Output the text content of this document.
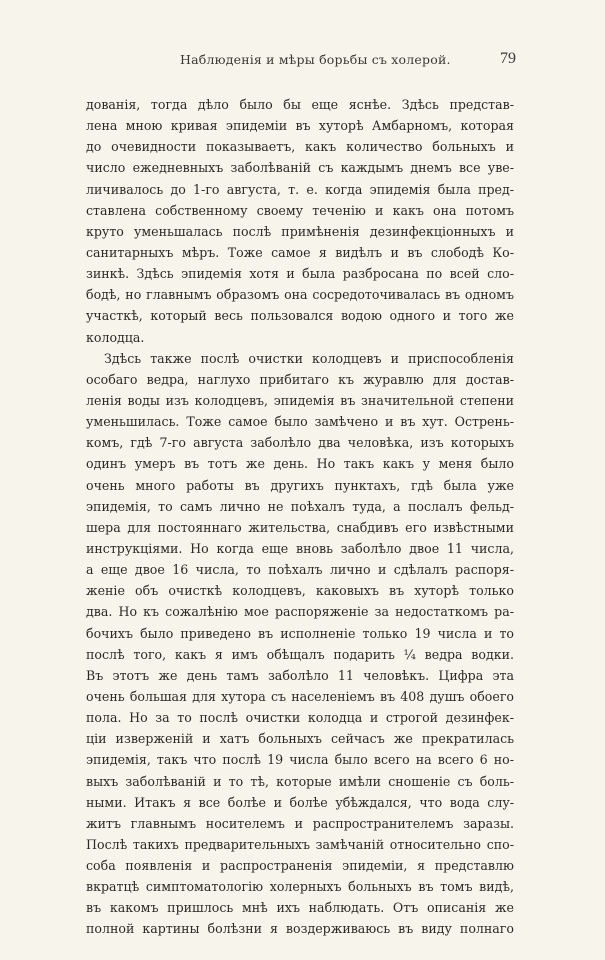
Наблюденія и мѣры борьбы съ холерой.	79
дованія, тогда дѣло было бы еще яснѣе. Здѣсь представ-
лена мною кривая эпидеміи въ хуторѣ Амбарномъ, которая
до очевидности показываетъ, какъ количество больныхъ и
число ежедневныхъ заболѣваній съ каждымъ днемъ все уве-
личивалось до 1-го августа, т. е. когда эпидемія была пред-
ставлена собственному своему теченію и какъ она потомъ
круто уменьшалась послѣ примѣненія дезинфекціонныхъ и
санитарныхъ мѣръ. Тоже самое я видѣлъ и въ слободѣ Ко-
зинкѣ. Здѣсь эпидемія хотя и была разбросана по всей сло-
бодѣ, но главнымъ образомъ она сосредоточивалась въ одномъ
участкѣ, который весь пользовался водою одного и того же
колодца.
Здѣсь также послѣ очистки колодцевъ и приспособленія
особаго ведра, наглухо прибитаго къ журавлю для достав-
ленія воды изъ колодцевъ, эпидемія въ значительной степени
уменьшилась. Тоже самое было замѣчено и въ хут. Острень-
комъ, гдѣ 7-го августа заболѣло два человѣка, изъ которыхъ
одинъ умеръ въ тотъ же день. Но такъ какъ у меня было
очень много работы въ другихъ пунктахъ, гдѣ была уже
эпидемія, то самъ лично не поѣхалъ туда, а послалъ фельд-
шера для постояннаго жительства, снабдивъ его извѣстными
инструкціями. Но когда еще вновь заболѣло двое 11 числа,
а еще двое 16 числа, то поѣхалъ лично и сдѣлалъ распоря-
женіе объ очисткѣ колодцевъ, каковыхъ въ хуторѣ только
два. Но къ сожалѣнію мое распоряженіе за недостаткомъ ра-
бочихъ было приведено въ исполненіе только 19 числа и то
послѣ того, какъ я имъ обѣщалъ подарить ¼ ведра водки.
Въ этотъ же день тамъ заболѣло 11 человѣкъ. Цифра эта
очень большая для хутора съ населеніемъ въ 408 душъ обоего
пола. Но за то послѣ очистки колодца и строгой дезинфек-
ціи изверженій и хатъ больныхъ сейчасъ же прекратилась
эпидемія, такъ что послѣ 19 числа было всего на всего 6 но-
выхъ заболѣваній и то тѣ, которые имѣли сношеніе съ боль-
ными. Итакъ я все болѣе и болѣе убѣждался, что вода слу-
житъ главнымъ носителемъ и распространителемъ заразы.
Послѣ такихъ предварительныхъ замѣчаній относительно спо-
соба появленія и распространенія эпидеміи, я представлю
вкратцѣ симптоматологію холерныхъ больныхъ въ томъ видѣ,
въ какомъ пришлось мнѣ ихъ наблюдать. Отъ описанія же
полной картины болѣзни я воздерживаюсь въ виду полнаго
